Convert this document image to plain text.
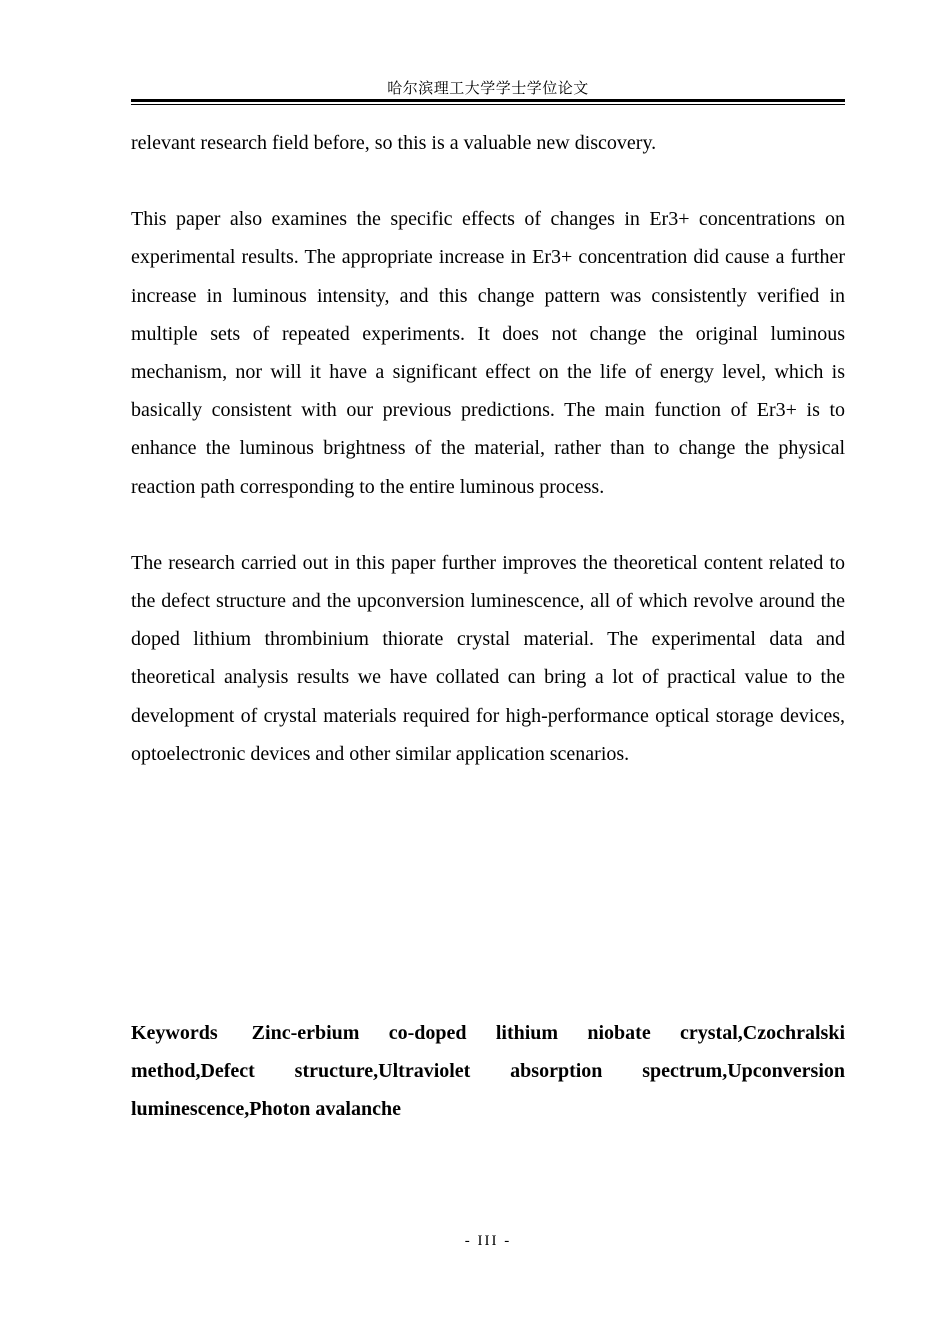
哈尔滨理工大学学士学位论文

relevant research field before, so this is a valuable new discovery.

This paper also examines the specific effects of changes in Er3+ concentrations on experimental results. The appropriate increase in Er3+ concentration did cause a further increase in luminous intensity, and this change pattern was consistently verified in multiple sets of repeated experiments. It does not change the original luminous mechanism, nor will it have a significant effect on the life of energy level, which is basically consistent with our previous predictions. The main function of Er3+ is to enhance the luminous brightness of the material, rather than to change the physical reaction path corresponding to the entire luminous process.

The research carried out in this paper further improves the theoretical content related to the defect structure and the upconversion luminescence, all of which revolve around the doped lithium thrombinium thiorate crystal material. The experimental data and theoretical analysis results we have collated can bring a lot of practical value to the development of crystal materials required for high-performance optical storage devices, optoelectronic devices and other similar application scenarios.

Keywords Zinc-erbium co-doped lithium niobate crystal,Czochralski method,Defect structure,Ultraviolet absorption spectrum,Upconversion luminescence,Photon avalanche

- III -
